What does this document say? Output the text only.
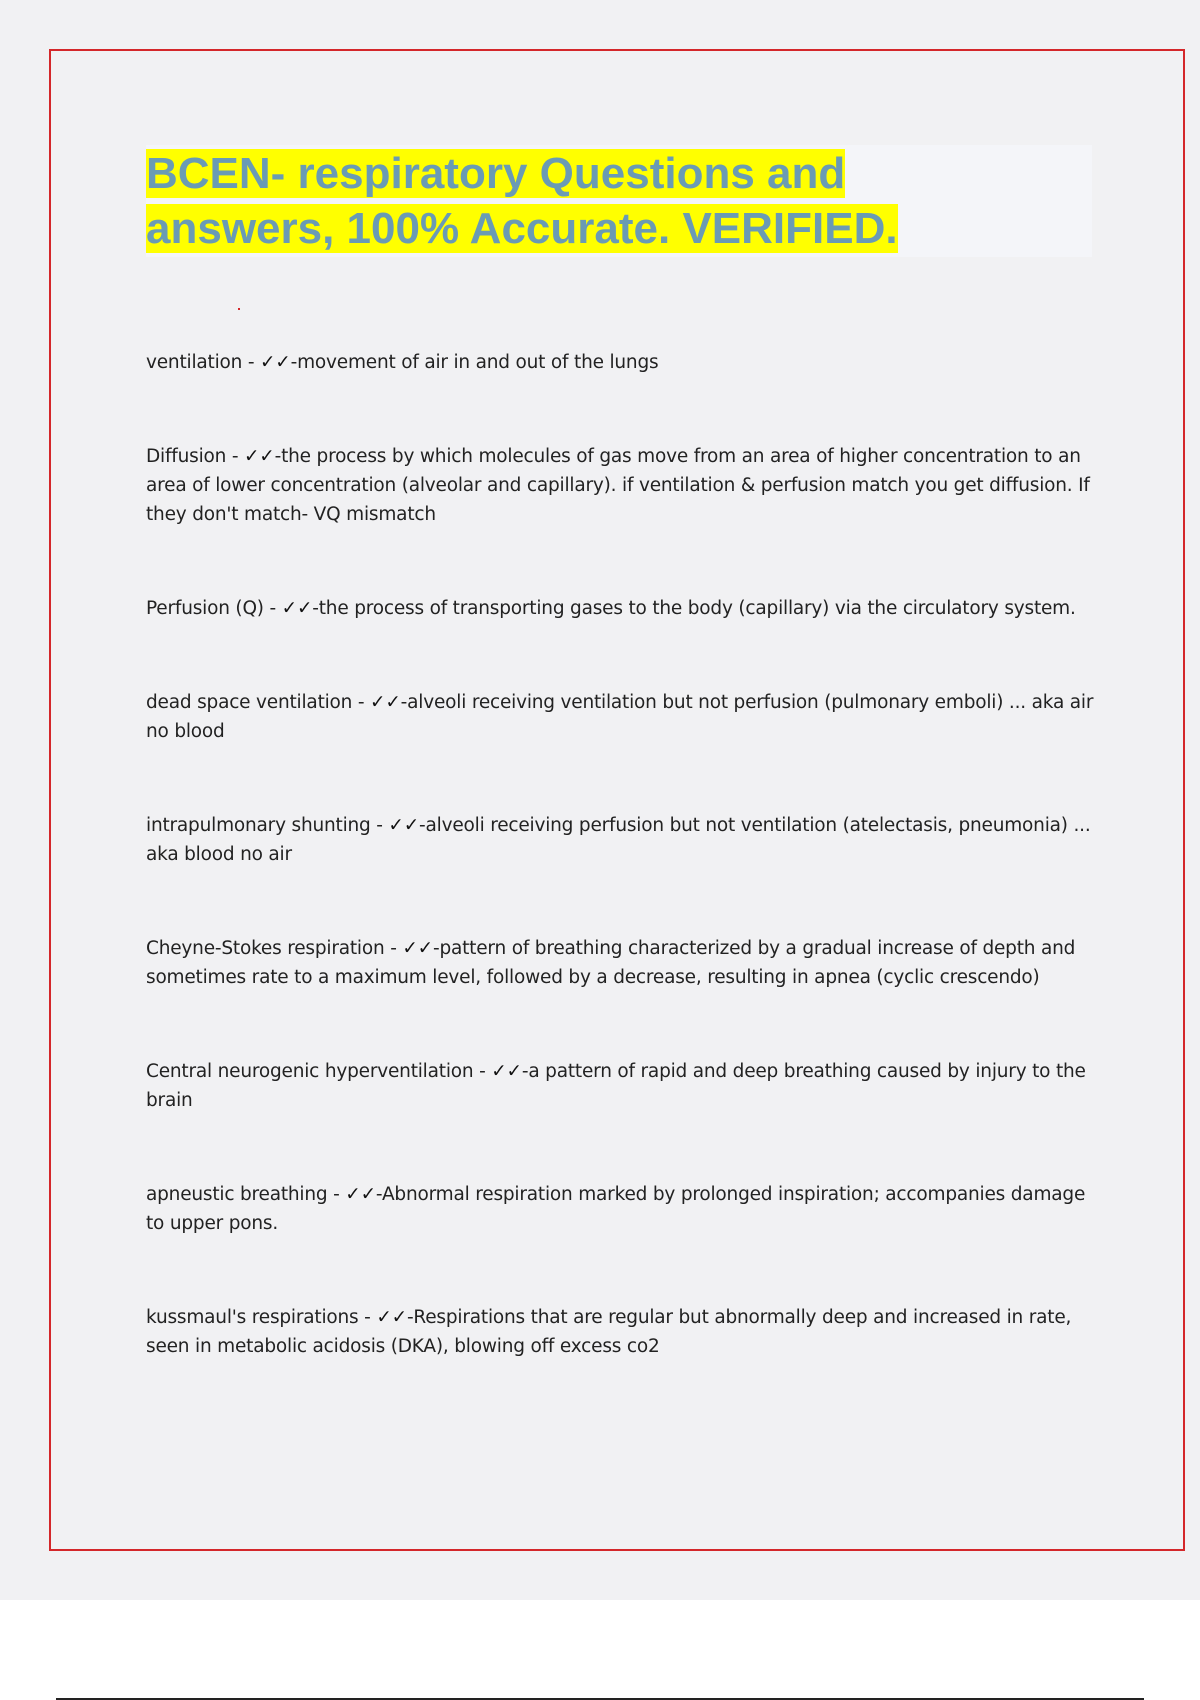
BCEN- respiratory Questions and
answers, 100% Accurate. VERIFIED.

ventilation - ✓✓-movement of air in and out of the lungs

Diffusion - ✓✓-the process by which molecules of gas move from an area of higher concentration to an area of lower concentration (alveolar and capillary). if ventilation & perfusion match you get diffusion. If they don't match- VQ mismatch

Perfusion (Q) - ✓✓-the process of transporting gases to the body (capillary) via the circulatory system.

dead space ventilation - ✓✓-alveoli receiving ventilation but not perfusion (pulmonary emboli) ... aka air no blood

intrapulmonary shunting - ✓✓-alveoli receiving perfusion but not ventilation (atelectasis, pneumonia) ... aka blood no air

Cheyne-Stokes respiration - ✓✓-pattern of breathing characterized by a gradual increase of depth and sometimes rate to a maximum level, followed by a decrease, resulting in apnea (cyclic crescendo)

Central neurogenic hyperventilation - ✓✓-a pattern of rapid and deep breathing caused by injury to the brain

apneustic breathing - ✓✓-Abnormal respiration marked by prolonged inspiration; accompanies damage to upper pons.

kussmaul's respirations - ✓✓-Respirations that are regular but abnormally deep and increased in rate, seen in metabolic acidosis (DKA), blowing off excess co2
